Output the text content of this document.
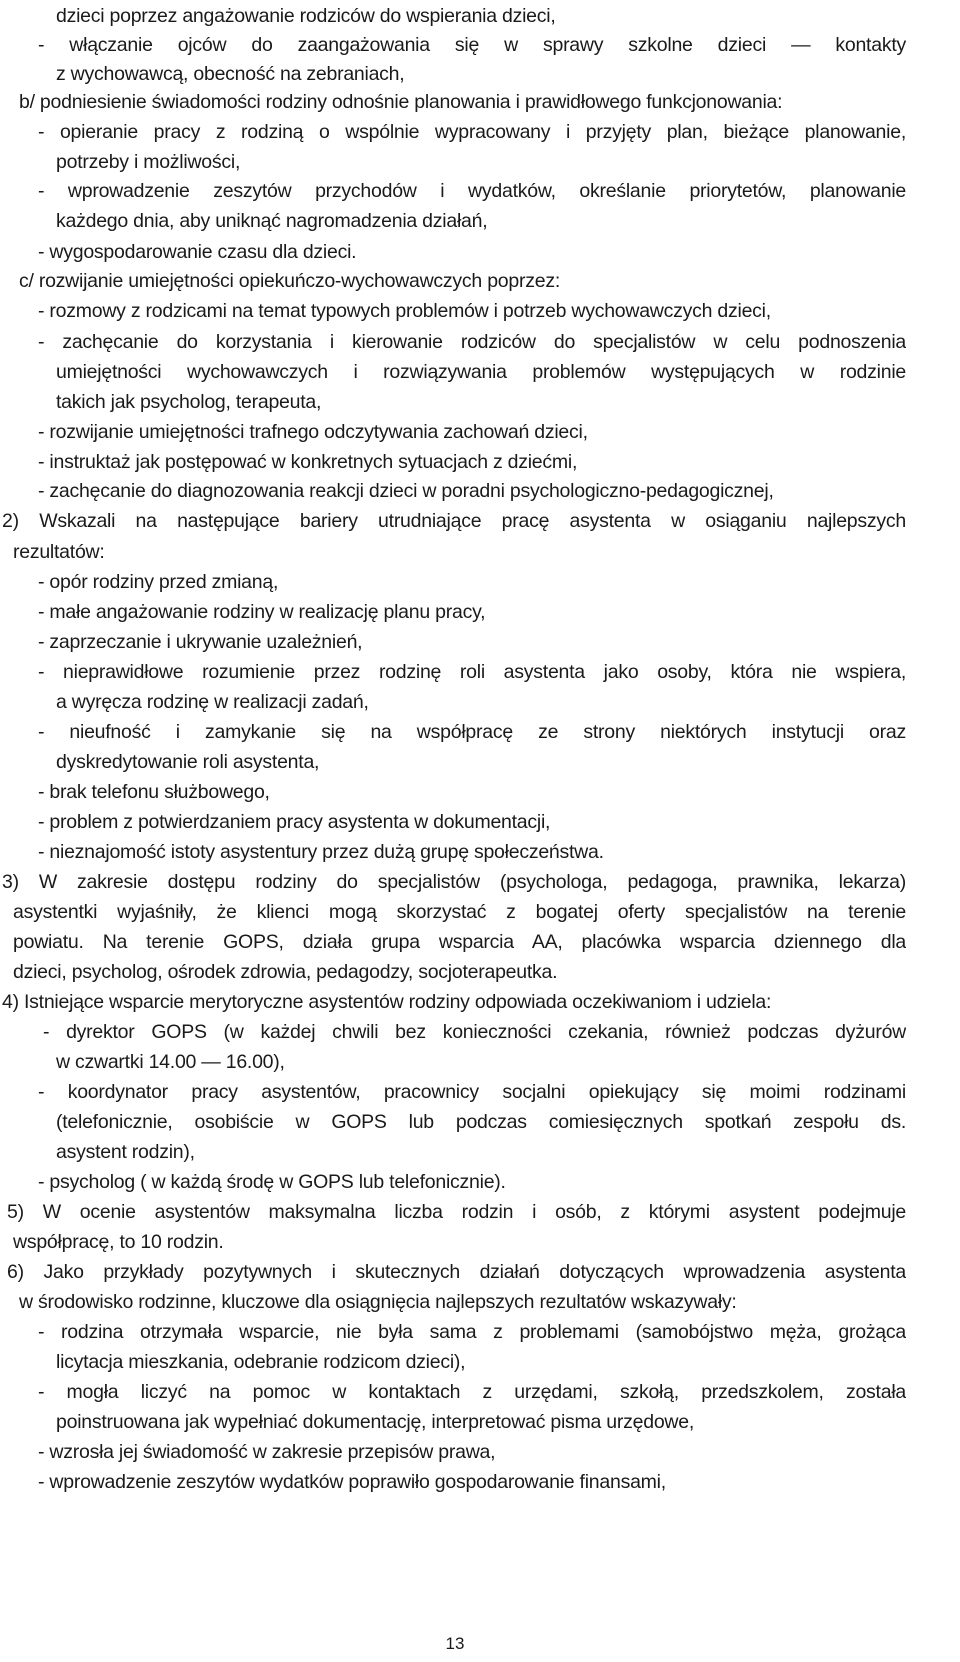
dzieci poprzez angażowanie rodziców do wspierania dzieci,
- włączanie ojców do zaangażowania się w sprawy szkolne dzieci — kontakty
z wychowawcą, obecność na zebraniach,
b/ podniesienie świadomości rodziny odnośnie planowania i prawidłowego funkcjonowania:
- opieranie pracy z rodziną o wspólnie wypracowany i przyjęty plan, bieżące planowanie,
potrzeby i możliwości,
- wprowadzenie zeszytów przychodów i wydatków, określanie priorytetów, planowanie
każdego dnia, aby uniknąć nagromadzenia działań,
- wygospodarowanie czasu dla dzieci.
c/ rozwijanie umiejętności opiekuńczo-wychowawczych poprzez:
- rozmowy z rodzicami na temat typowych problemów i potrzeb wychowawczych dzieci,
- zachęcanie do korzystania i kierowanie rodziców do specjalistów w celu podnoszenia
umiejętności wychowawczych i rozwiązywania problemów występujących w rodzinie
takich jak psycholog, terapeuta,
- rozwijanie umiejętności trafnego odczytywania zachowań dzieci,
- instruktaż jak postępować w konkretnych sytuacjach z dziećmi,
- zachęcanie do diagnozowania reakcji dzieci w poradni psychologiczno-pedagogicznej,
2) Wskazali na następujące bariery utrudniające pracę asystenta w osiąganiu najlepszych
rezultatów:
- opór rodziny przed zmianą,
- małe angażowanie rodziny w realizację planu pracy,
- zaprzeczanie i ukrywanie uzależnień,
- nieprawidłowe rozumienie przez rodzinę roli asystenta jako osoby, która nie wspiera,
a wyręcza rodzinę w realizacji zadań,
- nieufność i zamykanie się na współpracę ze strony niektórych instytucji oraz
dyskredytowanie roli asystenta,
- brak telefonu służbowego,
- problem z potwierdzaniem pracy asystenta w dokumentacji,
- nieznajomość istoty asystentury przez dużą grupę społeczeństwa.
3) W zakresie dostępu rodziny do specjalistów (psychologa, pedagoga, prawnika, lekarza)
asystentki wyjaśniły, że klienci mogą skorzystać z bogatej oferty specjalistów na terenie
powiatu. Na terenie GOPS, działa grupa wsparcia AA, placówka wsparcia dziennego dla
dzieci, psycholog, ośrodek zdrowia, pedagodzy, socjoterapeutka.
4) Istniejące wsparcie merytoryczne asystentów rodziny odpowiada oczekiwaniom i udziela:
- dyrektor GOPS (w każdej chwili bez konieczności czekania, również podczas dyżurów
w czwartki 14.00 — 16.00),
- koordynator pracy asystentów, pracownicy socjalni opiekujący się moimi rodzinami
(telefonicznie, osobiście w GOPS lub podczas comiesięcznych spotkań zespołu ds.
asystent rodzin),
- psycholog ( w każdą środę w GOPS lub telefonicznie).
5) W ocenie asystentów maksymalna liczba rodzin i osób, z którymi asystent podejmuje
współpracę, to 10 rodzin.
6) Jako przykłady pozytywnych i skutecznych działań dotyczących wprowadzenia asystenta
w środowisko rodzinne, kluczowe dla osiągnięcia najlepszych rezultatów wskazywały:
- rodzina otrzymała wsparcie, nie była sama z problemami (samobójstwo męża, grożąca
licytacja mieszkania, odebranie rodzicom dzieci),
- mogła liczyć na pomoc w kontaktach z urzędami, szkołą, przedszkolem, została
poinstruowana jak wypełniać dokumentację, interpretować pisma urzędowe,
- wzrosła jej świadomość w zakresie przepisów prawa,
- wprowadzenie zeszytów wydatków poprawiło gospodarowanie finansami,
13
